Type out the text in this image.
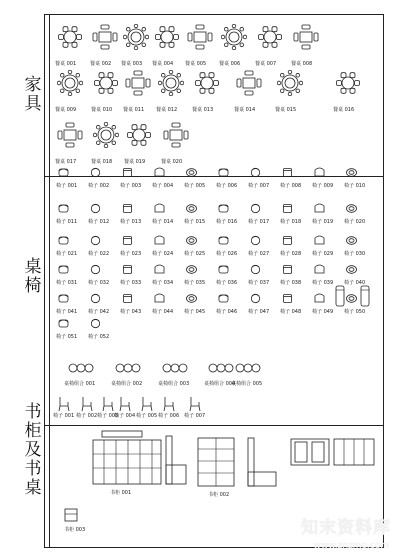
家具
桌椅
书柜及书桌
餐桌 001	餐桌 002 餐桌 003 餐桌 004 餐桌 005	餐桌 006	餐桌 007	餐桌 008
餐桌 009	餐桌 010 餐桌 011 餐桌 012	餐桌 013	餐桌 014	餐桌 015	餐桌 016
餐桌 017	餐桌 018 餐桌 019	餐桌 020
椅子 001 椅子 002 椅子 003 椅子 004 椅子 005 椅子 006 椅子 007 椅子 008 椅子 009 椅子 010
椅子 011 椅子 012 椅子 013 椅子 014 椅子 015 椅子 016 椅子 017 椅子 018 椅子 019 椅子 020
椅子 021 椅子 022 椅子 023 椅子 024 椅子 025 椅子 026 椅子 027 椅子 028 椅子 029 椅子 030
椅子 031 椅子 032 椅子 033 椅子 034 椅子 035 椅子 036 椅子 037 椅子 038 椅子 039 椅子 040
椅子 041 椅子 042 椅子 043 椅子 044 椅子 045 椅子 046 椅子 047 椅子 048 椅子 049 椅子 050
椅子 051 椅子 052
桌椅组合 001	桌椅组合 002	桌椅组合 003	桌椅组合 004
桌椅组合 005
椅子 001 椅子 002 椅子 003
椅子 004 椅子 005 椅子 006 椅子 007
书柜 001	书柜 002
书柜 003	知末资料库
www.znzmo.com
